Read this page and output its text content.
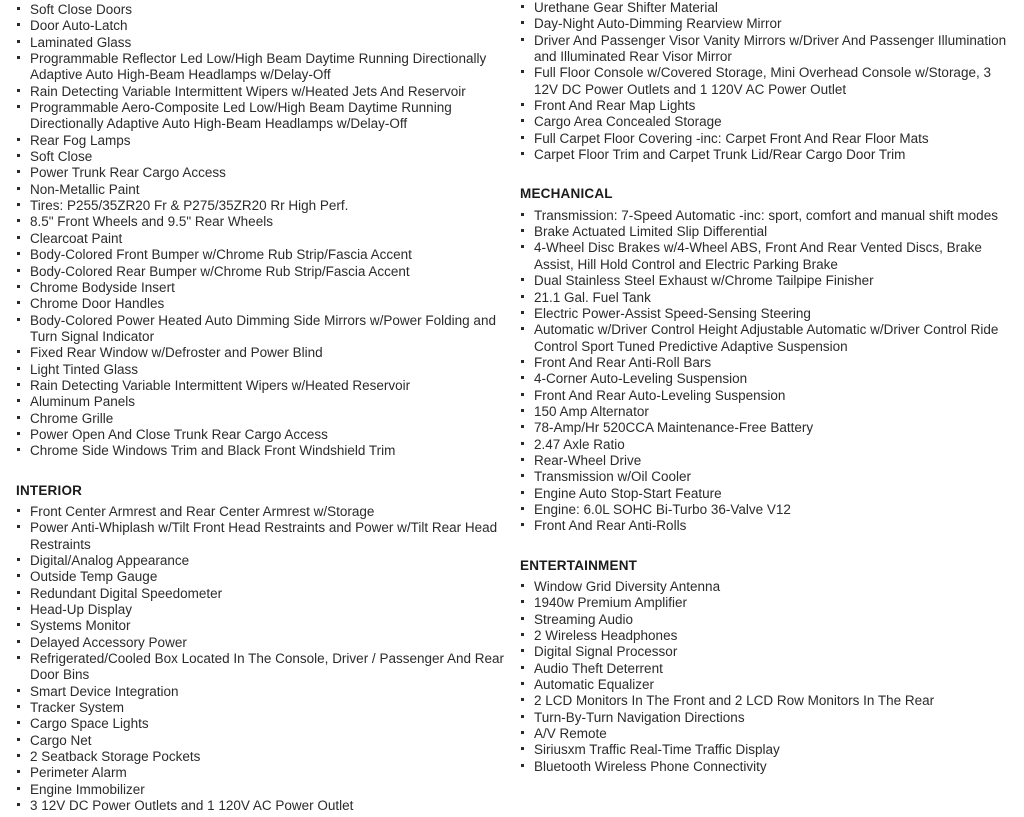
Soft Close Doors
Door Auto-Latch
Laminated Glass
Programmable Reflector Led Low/High Beam Daytime Running Directionally Adaptive Auto High-Beam Headlamps w/Delay-Off
Rain Detecting Variable Intermittent Wipers w/Heated Jets And Reservoir
Programmable Aero-Composite Led Low/High Beam Daytime Running Directionally Adaptive Auto High-Beam Headlamps w/Delay-Off
Rear Fog Lamps
Soft Close
Power Trunk Rear Cargo Access
Non-Metallic Paint
Tires: P255/35ZR20 Fr & P275/35ZR20 Rr High Perf.
8.5" Front Wheels and 9.5" Rear Wheels
Clearcoat Paint
Body-Colored Front Bumper w/Chrome Rub Strip/Fascia Accent
Body-Colored Rear Bumper w/Chrome Rub Strip/Fascia Accent
Chrome Bodyside Insert
Chrome Door Handles
Body-Colored Power Heated Auto Dimming Side Mirrors w/Power Folding and Turn Signal Indicator
Fixed Rear Window w/Defroster and Power Blind
Light Tinted Glass
Rain Detecting Variable Intermittent Wipers w/Heated Reservoir
Aluminum Panels
Chrome Grille
Power Open And Close Trunk Rear Cargo Access
Chrome Side Windows Trim and Black Front Windshield Trim
INTERIOR
Front Center Armrest and Rear Center Armrest w/Storage
Power Anti-Whiplash w/Tilt Front Head Restraints and Power w/Tilt Rear Head Restraints
Digital/Analog Appearance
Outside Temp Gauge
Redundant Digital Speedometer
Head-Up Display
Systems Monitor
Delayed Accessory Power
Refrigerated/Cooled Box Located In The Console, Driver / Passenger And Rear Door Bins
Smart Device Integration
Tracker System
Cargo Space Lights
Cargo Net
2 Seatback Storage Pockets
Perimeter Alarm
Engine Immobilizer
3 12V DC Power Outlets and 1 120V AC Power Outlet
Urethane Gear Shifter Material
Day-Night Auto-Dimming Rearview Mirror
Driver And Passenger Visor Vanity Mirrors w/Driver And Passenger Illumination and Illuminated Rear Visor Mirror
Full Floor Console w/Covered Storage, Mini Overhead Console w/Storage, 3 12V DC Power Outlets and 1 120V AC Power Outlet
Front And Rear Map Lights
Cargo Area Concealed Storage
Full Carpet Floor Covering -inc: Carpet Front And Rear Floor Mats
Carpet Floor Trim and Carpet Trunk Lid/Rear Cargo Door Trim
MECHANICAL
Transmission: 7-Speed Automatic -inc: sport, comfort and manual shift modes
Brake Actuated Limited Slip Differential
4-Wheel Disc Brakes w/4-Wheel ABS, Front And Rear Vented Discs, Brake Assist, Hill Hold Control and Electric Parking Brake
Dual Stainless Steel Exhaust w/Chrome Tailpipe Finisher
21.1 Gal. Fuel Tank
Electric Power-Assist Speed-Sensing Steering
Automatic w/Driver Control Height Adjustable Automatic w/Driver Control Ride Control Sport Tuned Predictive Adaptive Suspension
Front And Rear Anti-Roll Bars
4-Corner Auto-Leveling Suspension
Front And Rear Auto-Leveling Suspension
150 Amp Alternator
78-Amp/Hr 520CCA Maintenance-Free Battery
2.47 Axle Ratio
Rear-Wheel Drive
Transmission w/Oil Cooler
Engine Auto Stop-Start Feature
Engine: 6.0L SOHC Bi-Turbo 36-Valve V12
Front And Rear Anti-Rolls
ENTERTAINMENT
Window Grid Diversity Antenna
1940w Premium Amplifier
Streaming Audio
2 Wireless Headphones
Digital Signal Processor
Audio Theft Deterrent
Automatic Equalizer
2 LCD Monitors In The Front and 2 LCD Row Monitors In The Rear
Turn-By-Turn Navigation Directions
A/V Remote
Siriusxm Traffic Real-Time Traffic Display
Bluetooth Wireless Phone Connectivity
